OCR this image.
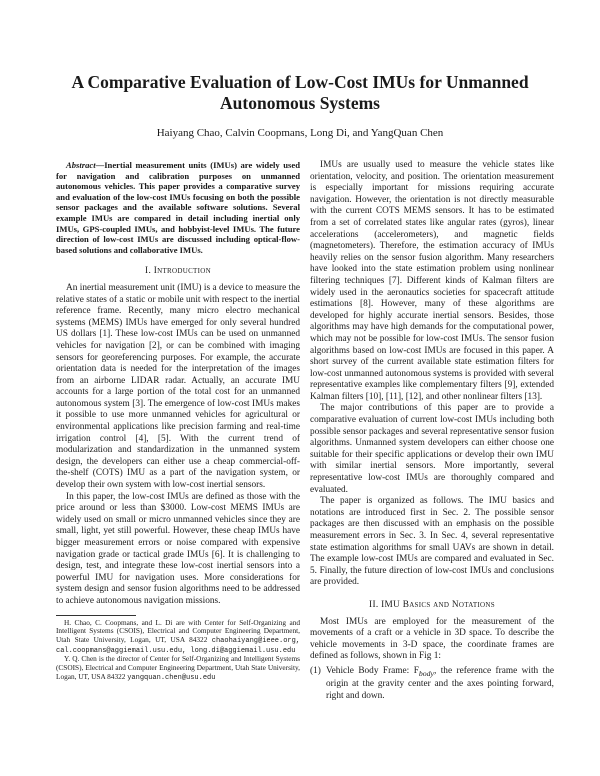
A Comparative Evaluation of Low-Cost IMUs for Unmanned Autonomous Systems
Haiyang Chao, Calvin Coopmans, Long Di, and YangQuan Chen

Abstract—Inertial measurement units (IMUs) are widely used for navigation and calibration purposes on unmanned autonomous vehicles. This paper provides a comparative survey and evaluation of the low-cost IMUs focusing on both the possible sensor packages and the available software solutions. Several example IMUs are compared in detail including inertial only IMUs, GPS-coupled IMUs, and hobbyist-level IMUs. The future direction of low-cost IMUs are discussed including optical-flow-based solutions and collaborative IMUs.

I. Introduction

An inertial measurement unit (IMU) is a device to measure the relative states of a static or mobile unit with respect to the inertial reference frame. Recently, many micro electro mechanical systems (MEMS) IMUs have emerged for only several hundred US dollars [1]. These low-cost IMUs can be used on unmanned vehicles for navigation [2], or can be combined with imaging sensors for georeferencing purposes. For example, the accurate orientation data is needed for the interpretation of the images from an airborne LIDAR radar. Actually, an accurate IMU accounts for a large portion of the total cost for an unmanned autonomous system [3]. The emergence of low-cost IMUs makes it possible to use more unmanned vehicles for agricultural or environmental applications like precision farming and real-time irrigation control [4], [5]. With the current trend of modularization and standardization in the unmanned system design, the developers can either use a cheap commercial-off-the-shelf (COTS) IMU as a part of the navigation system, or develop their own system with low-cost inertial sensors.

In this paper, the low-cost IMUs are defined as those with the price around or less than $3000. Low-cost MEMS IMUs are widely used on small or micro unmanned vehicles since they are small, light, yet still powerful. However, these cheap IMUs have bigger measurement errors or noise compared with expensive navigation grade or tactical grade IMUs [6]. It is challenging to design, test, and integrate these low-cost inertial sensors into a powerful IMU for navigation uses. More considerations for system design and sensor fusion algorithms need to be addressed to achieve autonomous navigation missions.

H. Chao, C. Coopmans, and L. Di are with Center for Self-Organizing and Intelligent Systems (CSOIS), Electrical and Computer Engineering Department, Utah State University, Logan, UT, USA 84322 chaohaiyang@ieee.org, cal.coopmans@aggiemail.usu.edu, long.di@aggiemail.usu.edu

Y. Q. Chen is the director of Center for Self-Organizing and Intelligent Systems (CSOIS), Electrical and Computer Engineering Department, Utah State University, Logan, UT, USA 84322 yangquan.chen@usu.edu

IMUs are usually used to measure the vehicle states like orientation, velocity, and position. The orientation measurement is especially important for missions requiring accurate navigation. However, the orientation is not directly measurable with the current COTS MEMS sensors. It has to be estimated from a set of correlated states like angular rates (gyros), linear accelerations (accelerometers), and magnetic fields (magnetometers). Therefore, the estimation accuracy of IMUs heavily relies on the sensor fusion algorithm. Many researchers have looked into the state estimation problem using nonlinear filtering techniques [7]. Different kinds of Kalman filters are widely used in the aeronautics societies for spacecraft attitude estimations [8]. However, many of these algorithms are developed for highly accurate inertial sensors. Besides, those algorithms may have high demands for the computational power, which may not be possible for low-cost IMUs. The sensor fusion algorithms based on low-cost IMUs are focused in this paper. A short survey of the current available state estimation filters for low-cost unmanned autonomous systems is provided with several representative examples like complementary filters [9], extended Kalman filters [10], [11], [12], and other nonlinear filters [13].

The major contributions of this paper are to provide a comparative evaluation of current low-cost IMUs including both possible sensor packages and several representative sensor fusion algorithms. Unmanned system developers can either choose one suitable for their specific applications or develop their own IMU with similar inertial sensors. More importantly, several representative low-cost IMUs are thoroughly compared and evaluated.

The paper is organized as follows. The IMU basics and notations are introduced first in Sec. 2. The possible sensor packages are then discussed with an emphasis on the possible measurement errors in Sec. 3. In Sec. 4, several representative state estimation algorithms for small UAVs are shown in detail. The example low-cost IMUs are compared and evaluated in Sec. 5. Finally, the future direction of low-cost IMUs and conclusions are provided.

II. IMU Basics and Notations

Most IMUs are employed for the measurement of the movements of a craft or a vehicle in 3D space. To describe the vehicle movements in 3-D space, the coordinate frames are defined as follows, shown in Fig 1:

(1) Vehicle Body Frame: $F_{body}$, the reference frame with the origin at the gravity center and the axes pointing forward, right and down.
